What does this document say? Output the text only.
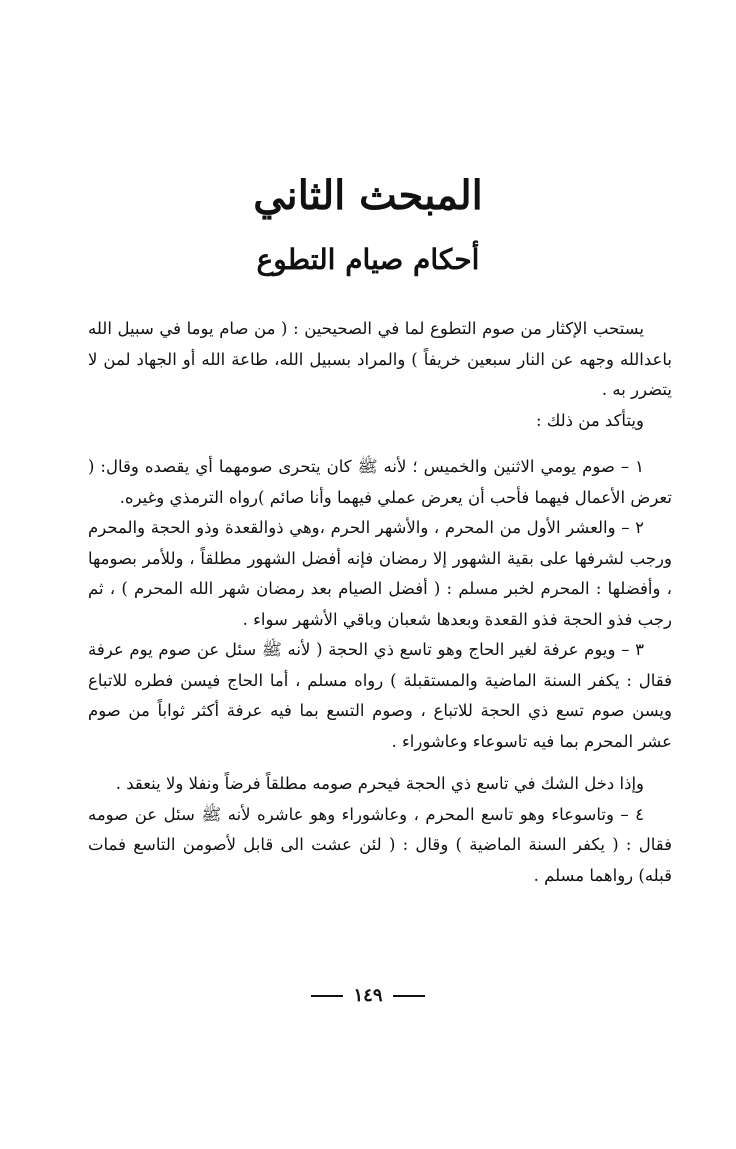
المبحث الثاني
أحكام صيام التطوع

يستحب الإكثار من صوم التطوع لما في الصحيحين : ( من صام يوما في سبيل الله باعدالله وجهه عن النار سبعين خريفاً ) والمراد بسبيل الله، طاعة الله أو الجهاد لمن لا يتضرر به .

ويتأكد من ذلك :

١ – صوم يومي الاثنين والخميس ؛ لأنه ﷺ كان يتحرى صومهما أي يقصده وقال: ( تعرض الأعمال فيهما فأحب أن يعرض عملي فيهما وأنا صائم )رواه الترمذي وغيره.

٢ – والعشر الأول من المحرم ، والأشهر الحرم ،وهي ذوالقعدة وذو الحجة والمحرم ورجب لشرفها على بقية الشهور إلا رمضان فإنه أفضل الشهور مطلقاً ، وللأمر بصومها ، وأفضلها : المحرم لخبر مسلم : ( أفضل الصيام بعد رمضان شهر الله المحرم ) ، ثم رجب فذو الحجة فذو القعدة وبعدها شعبان وباقي الأشهر سواء .

٣ – ويوم عرفة لغير الحاج وهو تاسع ذي الحجة ( لأنه ﷺ سئل عن صوم يوم عرفة فقال : يكفر السنة الماضية والمستقبلة ) رواه مسلم ، أما الحاج فيسن فطره للاتباع ويسن صوم تسع ذي الحجة للاتباع ، وصوم التسع بما فيه عرفة أكثر ثواباً من صوم عشر المحرم بما فيه تاسوعاء وعاشوراء .

وإذا دخل الشك في تاسع ذي الحجة فيحرم صومه مطلقاً فرضاً ونفلا ولا ينعقد .

٤ – وتاسوعاء وهو تاسع المحرم ، وعاشوراء وهو عاشره لأنه ﷺ سئل عن صومه فقال : ( يكفر السنة الماضية ) وقال : ( لئن عشت الى قابل لأصومن التاسع فمات قبله) رواهما مسلم .

١٤٩
